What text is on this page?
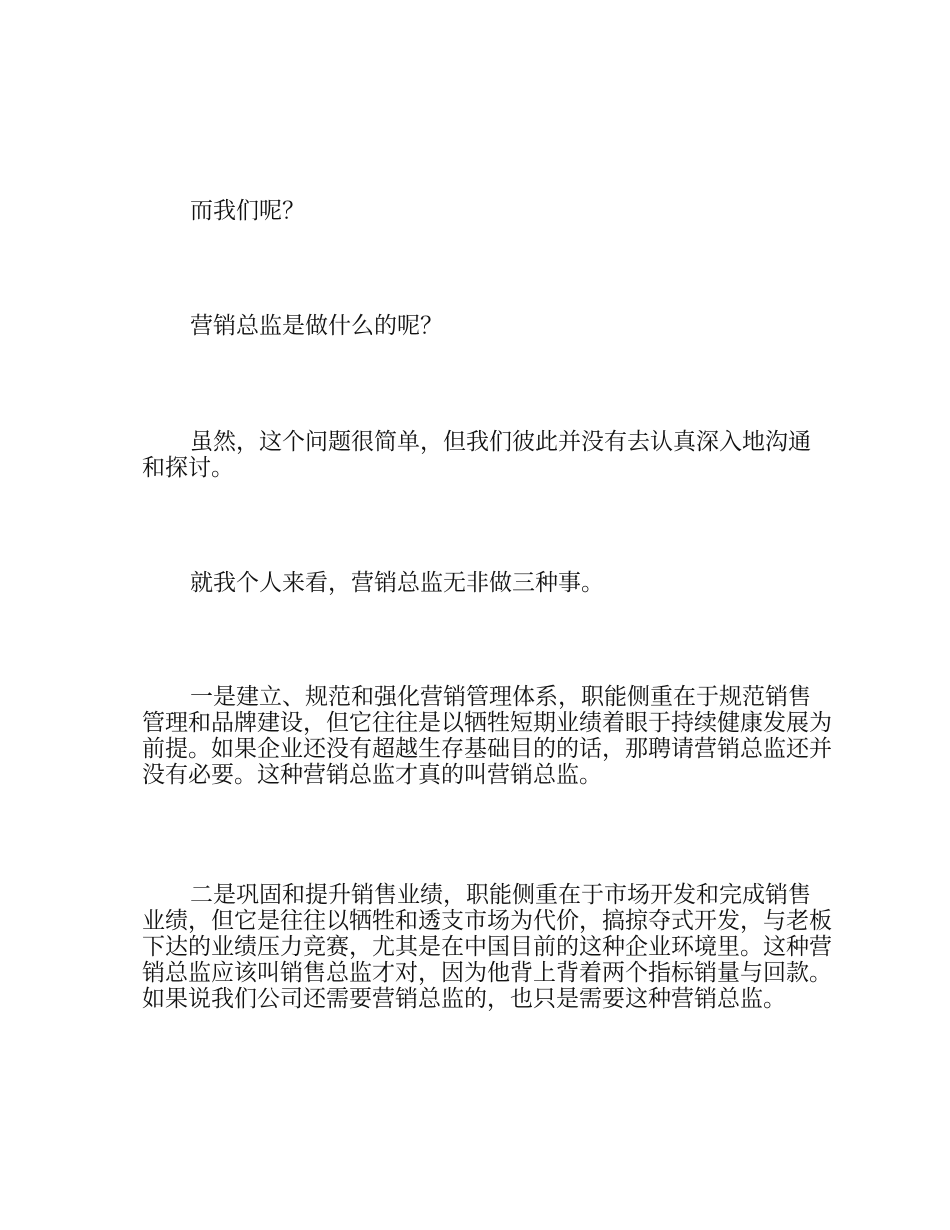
而我们呢？

营销总监是做什么的呢？

虽然，这个问题很简单，但我们彼此并没有去认真深入地沟通和探讨。

就我个人来看，营销总监无非做三种事。

一是建立、规范和强化营销管理体系，职能侧重在于规范销售管理和品牌建设，但它往往是以牺牲短期业绩着眼于持续健康发展为前提。如果企业还没有超越生存基础目的的话，那聘请营销总监还并没有必要。这种营销总监才真的叫营销总监。

二是巩固和提升销售业绩，职能侧重在于市场开发和完成销售业绩，但它是往往以牺牲和透支市场为代价，搞掠夺式开发，与老板下达的业绩压力竞赛，尤其是在中国目前的这种企业环境里。这种营销总监应该叫销售总监才对，因为他背上背着两个指标销量与回款。如果说我们公司还需要营销总监的，也只是需要这种营销总监。
